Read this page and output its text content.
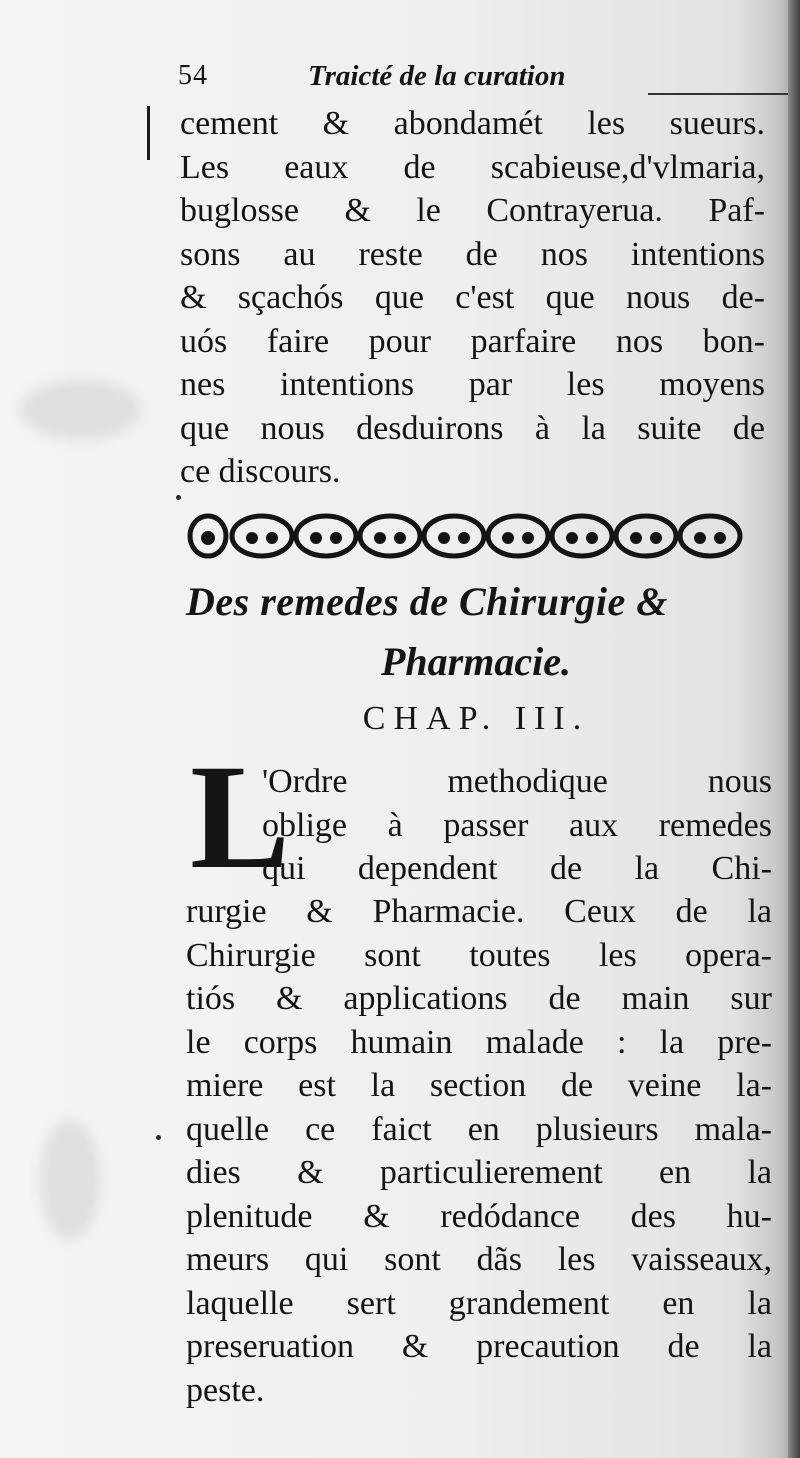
54	Traicté de la curation
cement & abondamét les sueurs.
Les eaux de scabieuse,d'vlmaria,
buglosse & le Contrayerua. Paf-
sons au reste de nos intentions
& sçachós que c'est que nous de-
uós faire pour parfaire nos bon-
nes intentions par les moyens
que nous desduirons à la suite de
ce discours.
Des remedes de Chirurgie &
Pharmacie.
CHAP. III.
L
'Ordre methodique nous
oblige à passer aux remedes
qui dependent de la Chi-
rurgie & Pharmacie. Ceux de la
Chirurgie sont toutes les opera-
tiós & applications de main sur
le corps humain malade : la pre-
miere est la section de veine la-
quelle ce faict en plusieurs mala-
dies & particulierement en la
plenitude & redódance des hu-
meurs qui sont dãs les vaisseaux,
laquelle sert grandement en la
preseruation & precaution de la
peste.
